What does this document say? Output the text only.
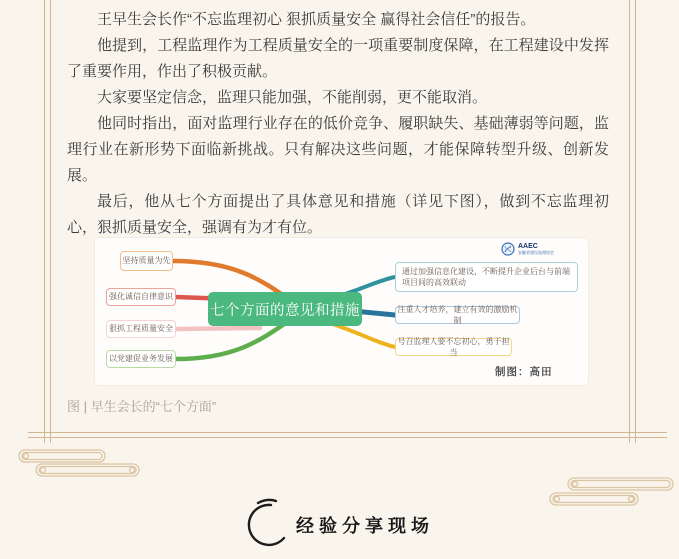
王早生会长作“不忘监理初心 狠抓质量安全 赢得社会信任”的报告。

他提到，工程监理作为工程质量安全的一项重要制度保障，在工程建设中发挥了重要作用，作出了积极贡献。

大家要坚定信念，监理只能加强，不能削弱，更不能取消。

他同时指出，面对监理行业存在的低价竞争、履职缺失、基础薄弱等问题，监理行业在新形势下面临新挑战。只有解决这些问题，才能保障转型升级、创新发展。

最后，他从七个方面提出了具体意见和措施（详见下图），做到不忘监理初心，狠抓质量安全，强调有为才有位。

AAEC
安徽省建设监理协会
坚持质量为先
强化诚信自律意识
狠抓工程质量安全
以党建促业务发展
通过加强信息化建设，不断提升企业后台与前端项目间的高效联动
注重人才培养，建立有效的激励机制
号召监理人要不忘初心，勇于担当
七个方面的意见和措施
制图：高田
图 | 早生会长的“七个方面”
经验分享现场
